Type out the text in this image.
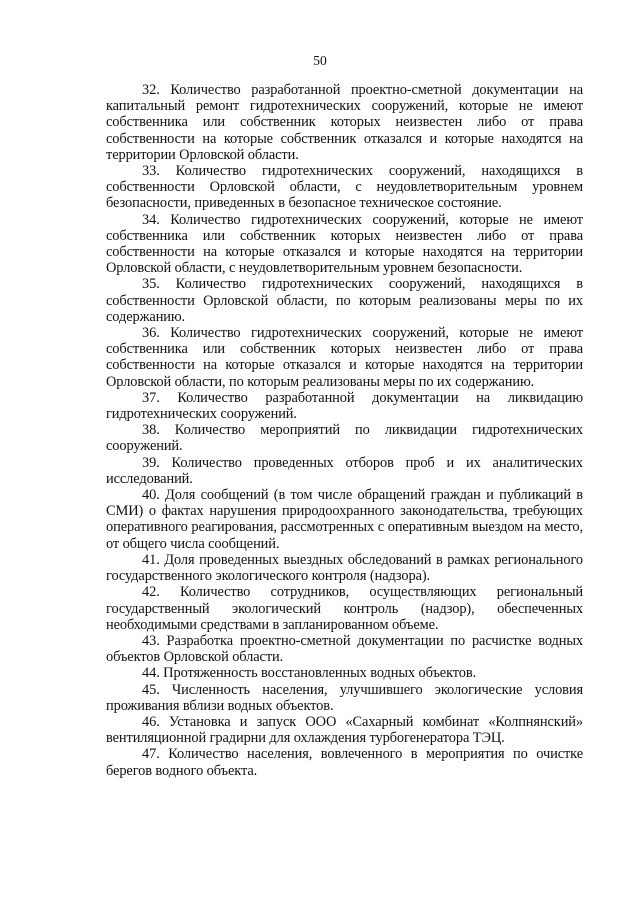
50

32. Количество разработанной проектно-сметной документации на капитальный ремонт гидротехнических сооружений, которые не имеют собственника или собственник которых неизвестен либо от права собственности на которые собственник отказался и которые находятся на территории Орловской области.

33. Количество гидротехнических сооружений, находящихся в собственности Орловской области, с неудовлетворительным уровнем безопасности, приведенных в безопасное техническое состояние.

34. Количество гидротехнических сооружений, которые не имеют собственника или собственник которых неизвестен либо от права собственности на которые отказался и которые находятся на территории Орловской области, с неудовлетворительным уровнем безопасности.

35. Количество гидротехнических сооружений, находящихся в собственности Орловской области, по которым реализованы меры по их содержанию.

36. Количество гидротехнических сооружений, которые не имеют собственника или собственник которых неизвестен либо от права собственности на которые отказался и которые находятся на территории Орловской области, по которым реализованы меры по их содержанию.

37. Количество разработанной документации на ликвидацию гидротехнических сооружений.

38. Количество мероприятий по ликвидации гидротехнических сооружений.

39. Количество проведенных отборов проб и их аналитических исследований.

40. Доля сообщений (в том числе обращений граждан и публикаций в СМИ) о фактах нарушения природоохранного законодательства, требующих оперативного реагирования, рассмотренных с оперативным выездом на место, от общего числа сообщений.

41. Доля проведенных выездных обследований в рамках регионального государственного экологического контроля (надзора).

42. Количество сотрудников, осуществляющих региональный государственный экологический контроль (надзор), обеспеченных необходимыми средствами в запланированном объеме.

43. Разработка проектно-сметной документации по расчистке водных объектов Орловской области.

44. Протяженность восстановленных водных объектов.

45. Численность населения, улучшившего экологические условия проживания вблизи водных объектов.

46. Установка и запуск ООО «Сахарный комбинат «Колпнянский» вентиляционной градирни для охлаждения турбогенератора ТЭЦ.

47. Количество населения, вовлеченного в мероприятия по очистке берегов водного объекта.
